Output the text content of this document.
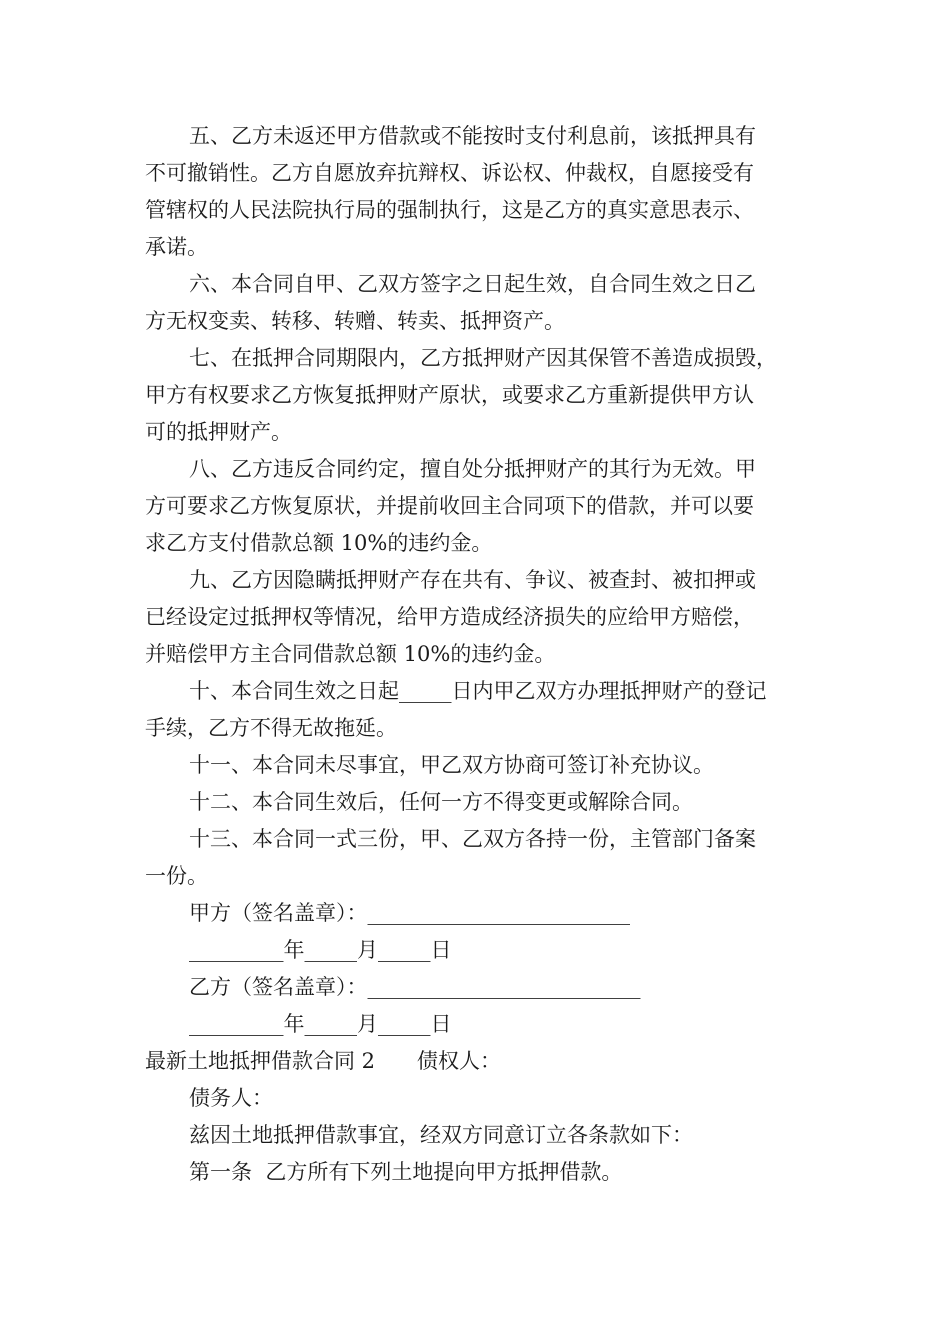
五、乙方未返还甲方借款或不能按时支付利息前，该抵押具有
不可撤销性。乙方自愿放弃抗辩权、诉讼权、仲裁权，自愿接受有
管辖权的人民法院执行局的强制执行，这是乙方的真实意思表示、
承诺。
六、本合同自甲、乙双方签字之日起生效，自合同生效之日乙
方无权变卖、转移、转赠、转卖、抵押资产。
七、在抵押合同期限内，乙方抵押财产因其保管不善造成损毁，
甲方有权要求乙方恢复抵押财产原状，或要求乙方重新提供甲方认
可的抵押财产。
八、乙方违反合同约定，擅自处分抵押财产的其行为无效。甲
方可要求乙方恢复原状，并提前收回主合同项下的借款，并可以要
求乙方支付借款总额 10%的违约金。
九、乙方因隐瞒抵押财产存在共有、争议、被查封、被扣押或
已经设定过抵押权等情况，给甲方造成经济损失的应给甲方赔偿，
并赔偿甲方主合同借款总额 10%的违约金。
十、本合同生效之日起_____日内甲乙双方办理抵押财产的登记
手续，乙方不得无故拖延。
十一、本合同未尽事宜，甲乙双方协商可签订补充协议。
十二、本合同生效后，任何一方不得变更或解除合同。
十三、本合同一式三份，甲、乙双方各持一份，主管部门备案
一份。
甲方（签名盖章）：_________________________
_________年_____月_____日
乙方（签名盖章）：__________________________
_________年_____月_____日
最新土地抵押借款合同 2　　债权人：
债务人：
兹因土地抵押借款事宜，经双方同意订立各条款如下：
第一条  乙方所有下列土地提向甲方抵押借款。
